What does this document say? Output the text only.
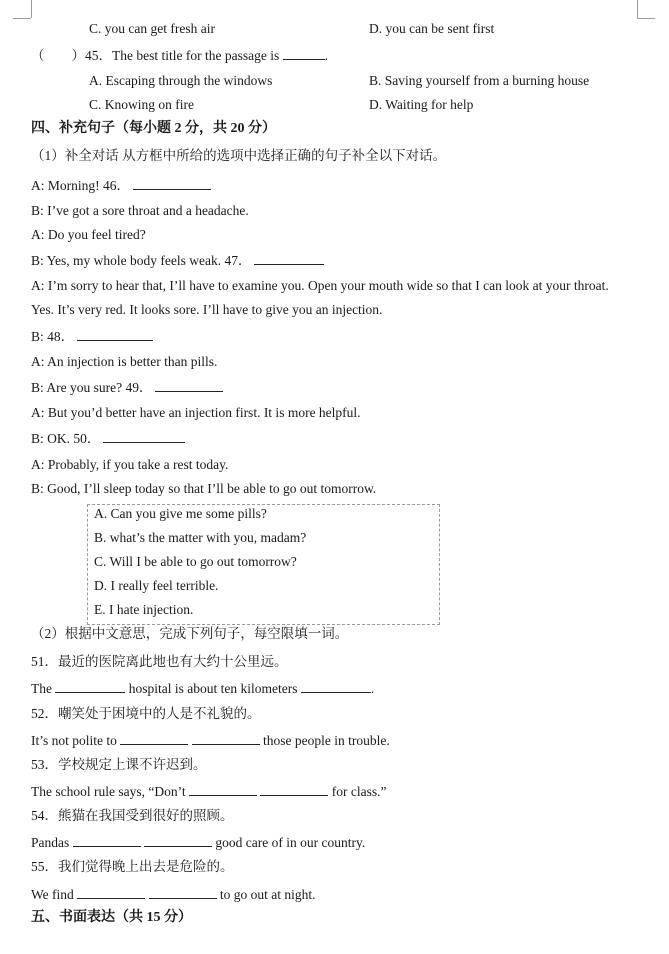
C. you can get fresh air	D. you can be sent first
（　　）45．The best title for the passage is	.
A. Escaping through the windows	B. Saving yourself from a burning house
C. Knowing on fire	D. Waiting for help
四、补充句子（每小题 2 分，共 20 分）
（1）补全对话 从方框中所给的选项中选择正确的句子补全以下对话。
A: Morning! 46．
B: I’ve got a sore throat and a headache.
A: Do you feel tired?
B: Yes, my whole body feels weak. 47．
A: I’m sorry to hear that, I’ll have to examine you. Open your mouth wide so that I can look at your throat.
Yes. It’s very red. It looks sore. I’ll have to give you an injection.
B: 48．
A: An injection is better than pills.
B: Are you sure? 49．
A: But you’d better have an injection first. It is more helpful.
B: OK. 50．
A: Probably, if you take a rest today.
B: Good, I’ll sleep today so that I’ll be able to go out tomorrow.
A. Can you give me some pills?
B. what’s the matter with you, madam?
C. Will I be able to go out tomorrow?
D. I really feel terrible.
E. I hate injection.
（2）根据中文意思，完成下列句子，每空限填一词。
51．最近的医院离此地也有大约十公里远。
The	hospital is about ten kilometers	.
52．嘲笑处于困境中的人是不礼貌的。
It’s not polite to	those people in trouble.
53．学校规定上课不许迟到。
The school rule says, “Don’t	for class.”
54．熊猫在我国受到很好的照顾。
Pandas	good care of in our country.
55．我们觉得晚上出去是危险的。
We find	to go out at night.
五、书面表达（共 15 分）
